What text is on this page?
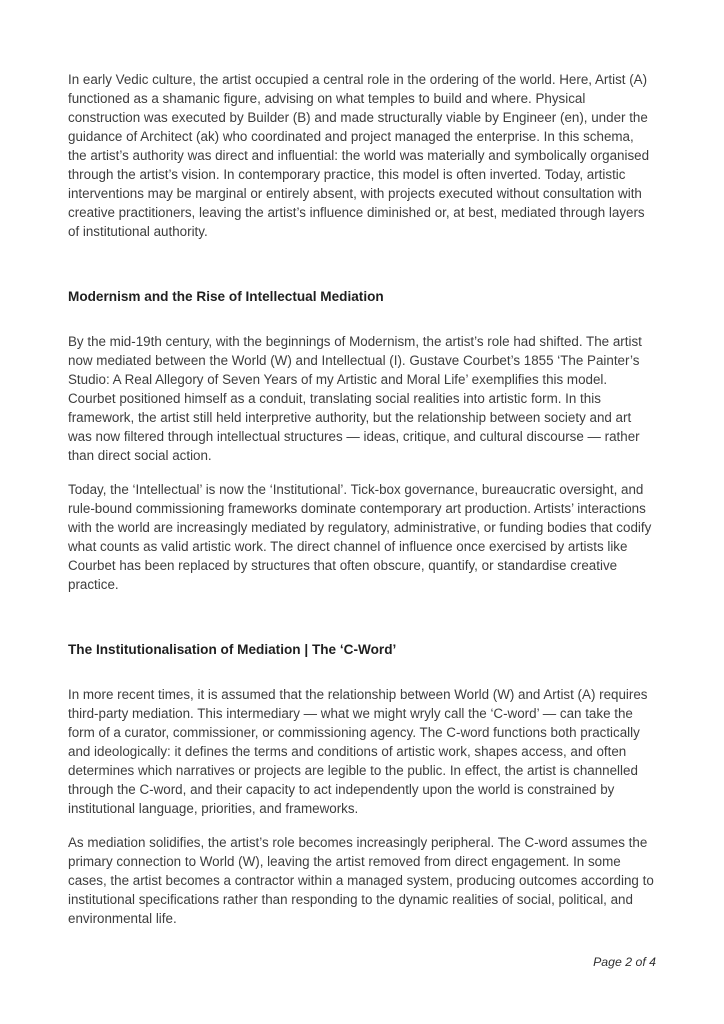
In early Vedic culture, the artist occupied a central role in the ordering of the world. Here, Artist (A) functioned as a shamanic figure, advising on what temples to build and where. Physical construction was executed by Builder (B) and made structurally viable by Engineer (en), under the guidance of Architect (ak) who coordinated and project managed the enterprise. In this schema, the artist’s authority was direct and influential: the world was materially and symbolically organised through the artist’s vision. In contemporary practice, this model is often inverted. Today, artistic interventions may be marginal or entirely absent, with projects executed without consultation with creative practitioners, leaving the artist’s influence diminished or, at best, mediated through layers of institutional authority.

Modernism and the Rise of Intellectual Mediation

By the mid-19th century, with the beginnings of Modernism, the artist’s role had shifted. The artist now mediated between the World (W) and Intellectual (I). Gustave Courbet’s 1855 ‘The Painter’s Studio: A Real Allegory of Seven Years of my Artistic and Moral Life’ exemplifies this model. Courbet positioned himself as a conduit, translating social realities into artistic form. In this framework, the artist still held interpretive authority, but the relationship between society and art was now filtered through intellectual structures — ideas, critique, and cultural discourse — rather than direct social action.

Today, the ‘Intellectual’ is now the ‘Institutional’. Tick-box governance, bureaucratic oversight, and rule-bound commissioning frameworks dominate contemporary art production. Artists’ interactions with the world are increasingly mediated by regulatory, administrative, or funding bodies that codify what counts as valid artistic work. The direct channel of influence once exercised by artists like Courbet has been replaced by structures that often obscure, quantify, or standardise creative practice.

The Institutionalisation of Mediation | The ‘C-Word’

In more recent times, it is assumed that the relationship between World (W) and Artist (A) requires third-party mediation. This intermediary — what we might wryly call the ‘C-word’ — can take the form of a curator, commissioner, or commissioning agency. The C-word functions both practically and ideologically: it defines the terms and conditions of artistic work, shapes access, and often determines which narratives or projects are legible to the public. In effect, the artist is channelled through the C-word, and their capacity to act independently upon the world is constrained by institutional language, priorities, and frameworks.

As mediation solidifies, the artist’s role becomes increasingly peripheral. The C-word assumes the primary connection to World (W), leaving the artist removed from direct engagement. In some cases, the artist becomes a contractor within a managed system, producing outcomes according to institutional specifications rather than responding to the dynamic realities of social, political, and environmental life.

Page 2 of 4
